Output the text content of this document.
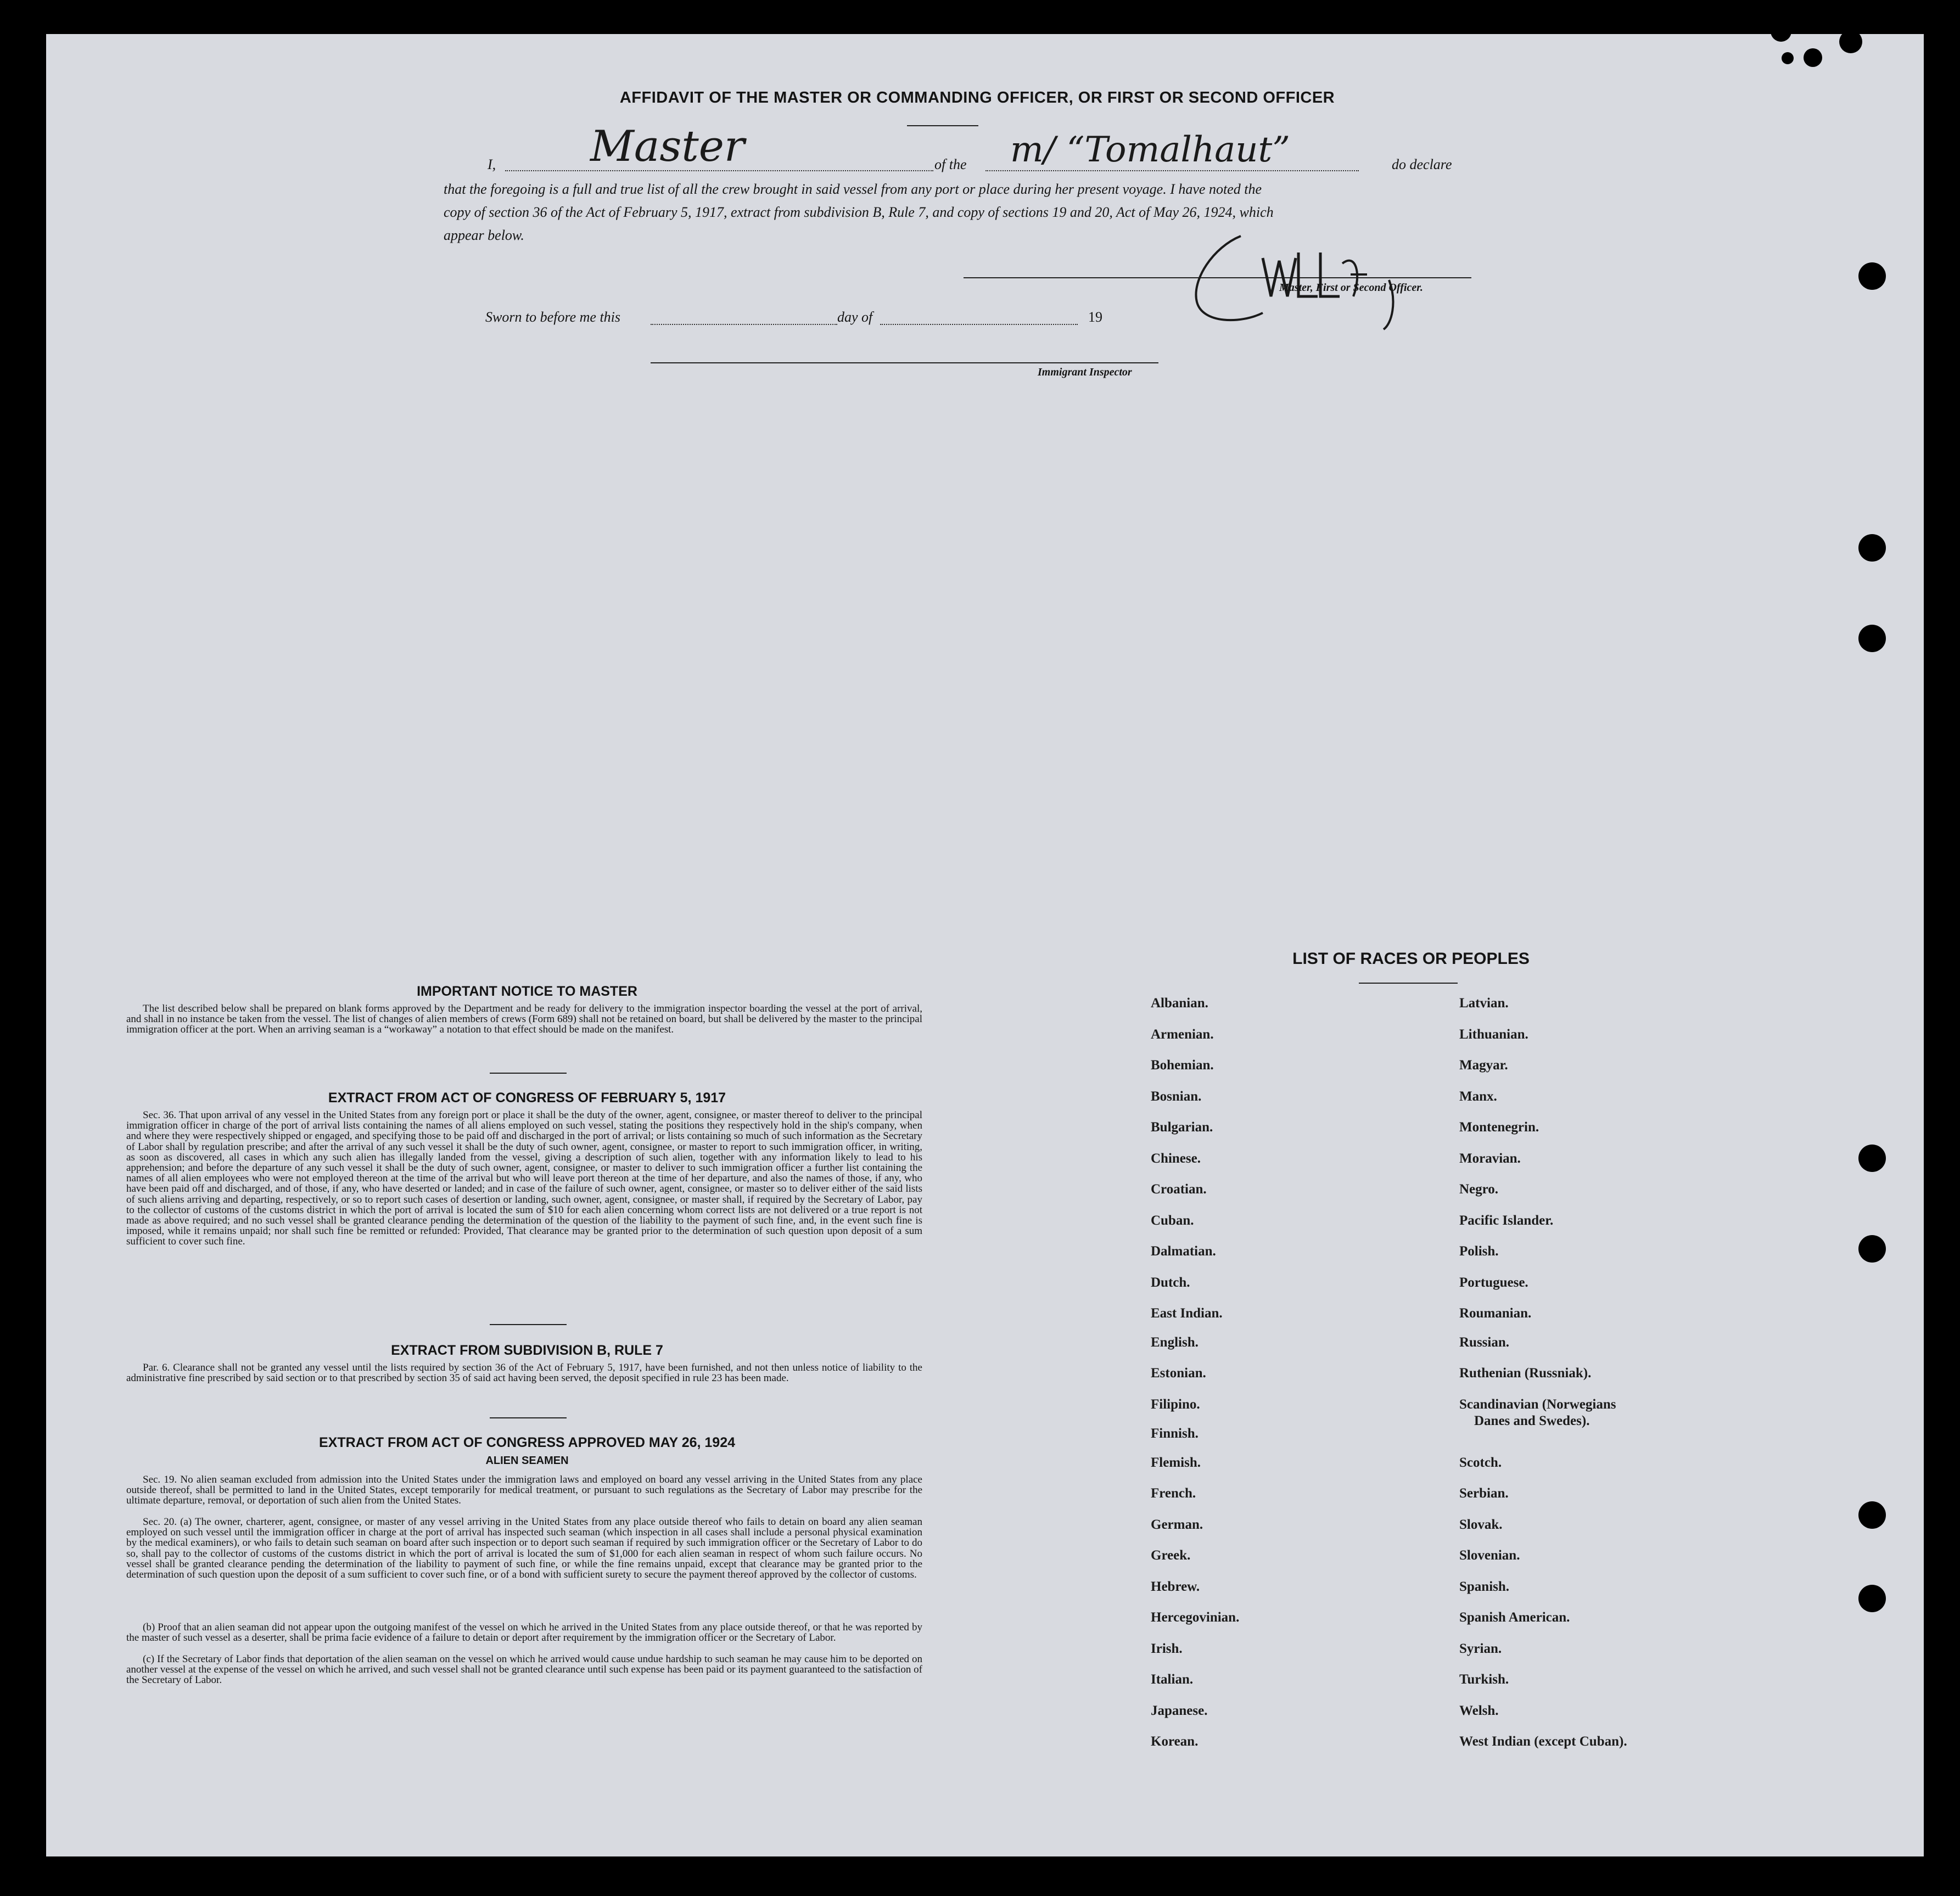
AFFIDAVIT OF THE MASTER OR COMMANDING OFFICER, OR FIRST OR SECOND OFFICER
I, Master	of the m/ “Tomalhaut”	do declare
that the foregoing is a full and true list of all the crew brought in said vessel from any port or place during her present voyage. I have noted the
copy of section 36 of the Act of February 5, 1917, extract from subdivision B, Rule 7, and copy of sections 19 and 20, Act of May 26, 1924, which
appear below.
Master, First or Second Officer.
Sworn to before me this	day of	19
Immigrant Inspector
IMPORTANT NOTICE TO MASTER
The list described below shall be prepared on blank forms approved by the Department and be ready for delivery to the immigration inspector boarding the vessel at the port of arrival, and shall in no instance be taken from the vessel. The list of changes of alien members of crews (Form 689) shall not be retained on board, but shall be delivered by the master to the principal immigration officer at the port. When an arriving seaman is a “workaway” a notation to that effect should be made on the manifest.
EXTRACT FROM ACT OF CONGRESS OF FEBRUARY 5, 1917
Sec. 36. That upon arrival of any vessel in the United States from any foreign port or place it shall be the duty of the owner, agent, consignee, or master thereof to deliver to the principal immigration officer in charge of the port of arrival lists containing the names of all aliens employed on such vessel, stating the positions they respectively hold in the ship's company, when and where they were respectively shipped or engaged, and specifying those to be paid off and discharged in the port of arrival; or lists containing so much of such information as the Secretary of Labor shall by regulation prescribe; and after the arrival of any such vessel it shall be the duty of such owner, agent, consignee, or master to report to such immigration officer, in writing, as soon as discovered, all cases in which any such alien has illegally landed from the vessel, giving a description of such alien, together with any information likely to lead to his apprehension; and before the departure of any such vessel it shall be the duty of such owner, agent, consignee, or master to deliver to such immigration officer a further list containing the names of all alien employees who were not employed thereon at the time of the arrival but who will leave port thereon at the time of her departure, and also the names of those, if any, who have been paid off and discharged, and of those, if any, who have deserted or landed; and in case of the failure of such owner, agent, consignee, or master so to deliver either of the said lists of such aliens arriving and departing, respectively, or so to report such cases of desertion or landing, such owner, agent, consignee, or master shall, if required by the Secretary of Labor, pay to the collector of customs of the customs district in which the port of arrival is located the sum of $10 for each alien concerning whom correct lists are not delivered or a true report is not made as above required; and no such vessel shall be granted clearance pending the determination of the question of the liability to the payment of such fine, and, in the event such fine is imposed, while it remains unpaid; nor shall such fine be remitted or refunded: Provided, That clearance may be granted prior to the determination of such question upon deposit of a sum sufficient to cover such fine.
EXTRACT FROM SUBDIVISION B, RULE 7
Par. 6. Clearance shall not be granted any vessel until the lists required by section 36 of the Act of February 5, 1917, have been furnished, and not then unless notice of liability to the administrative fine prescribed by said section or to that prescribed by section 35 of said act having been served, the deposit specified in rule 23 has been made.
EXTRACT FROM ACT OF CONGRESS APPROVED MAY 26, 1924
ALIEN SEAMEN
Sec. 19. No alien seaman excluded from admission into the United States under the immigration laws and employed on board any vessel arriving in the United States from any place outside thereof, shall be permitted to land in the United States, except temporarily for medical treatment, or pursuant to such regulations as the Secretary of Labor may prescribe for the ultimate departure, removal, or deportation of such alien from the United States.
Sec. 20. (a) The owner, charterer, agent, consignee, or master of any vessel arriving in the United States from any place outside thereof who fails to detain on board any alien seaman employed on such vessel until the immigration officer in charge at the port of arrival has inspected such seaman (which inspection in all cases shall include a personal physical examination by the medical examiners), or who fails to detain such seaman on board after such inspection or to deport such seaman if required by such immigration officer or the Secretary of Labor to do so, shall pay to the collector of customs of the customs district in which the port of arrival is located the sum of $1,000 for each alien seaman in respect of whom such failure occurs. No vessel shall be granted clearance pending the determination of the liability to payment of such fine, or while the fine remains unpaid, except that clearance may be granted prior to the determination of such question upon the deposit of a sum sufficient to cover such fine, or of a bond with sufficient surety to secure the payment thereof approved by the collector of customs.
(b) Proof that an alien seaman did not appear upon the outgoing manifest of the vessel on which he arrived in the United States from any place outside thereof, or that he was reported by the master of such vessel as a deserter, shall be prima facie evidence of a failure to detain or deport after requirement by the immigration officer or the Secretary of Labor.
(c) If the Secretary of Labor finds that deportation of the alien seaman on the vessel on which he arrived would cause undue hardship to such seaman he may cause him to be deported on another vessel at the expense of the vessel on which he arrived, and such vessel shall not be granted clearance until such expense has been paid or its payment guaranteed to the satisfaction of the Secretary of Labor.
LIST OF RACES OR PEOPLES
Albanian.
Armenian.
Bohemian.
Bosnian.
Bulgarian.
Chinese.
Croatian.
Cuban.
Dalmatian.
Dutch.
East Indian.
English.
Estonian.
Filipino.
Finnish.
Flemish.
French.
German.
Greek.
Hebrew.
Hercegovinian.
Irish.
Italian.
Japanese.
Korean.
Latvian.
Lithuanian.
Magyar.
Manx.
Montenegrin.
Moravian.
Negro.
Pacific Islander.
Polish.
Portuguese.
Roumanian.
Russian.
Ruthenian (Russniak).
Scandinavian (Norwegians
Danes and Swedes).
Scotch.
Serbian.
Slovak.
Slovenian.
Spanish.
Spanish American.
Syrian.
Turkish.
Welsh.
West Indian (except Cuban).
